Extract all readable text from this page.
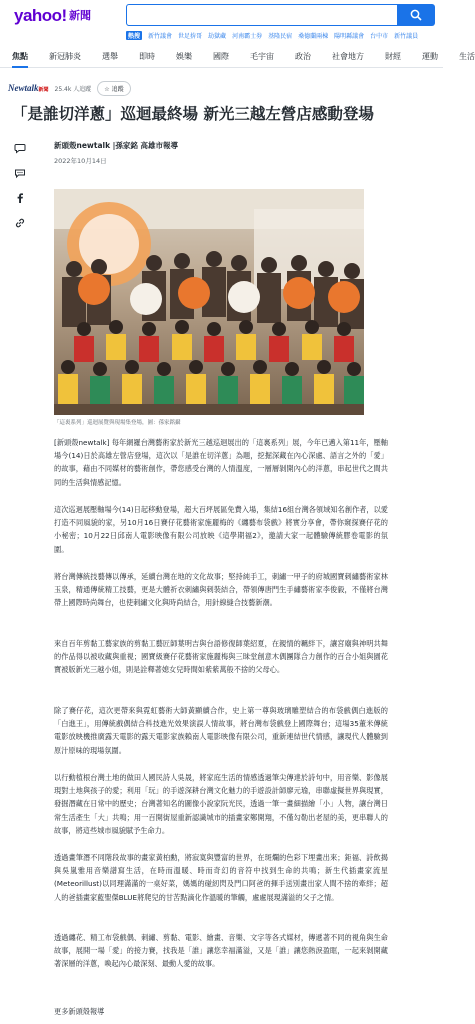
yahoo! 新聞
熱搜	新竹議會 世足拚哥 劫獄藏 河南霸士券 基隆民宿 桑德蘭兩棟 陽明縣議會 台中市 新竹議員
焦點	新冠肺炎	選舉	即時	娛樂	國際	毛宇宙	政治	社會地方	財經	運動	生活
Newtalk新聞 25.4k 人追蹤	☆ 追蹤
「是誰切洋蔥」巡迴最終場 新光三越左營店感動登場
新頭殼newtalk |孫家銘 高雄市報導
2022年10月14日
「這裏系列」巡迴展覽與現場集登場，圖：孫家銘攝

[新頭殼newtalk] 每年網羅台灣藝術家於新光三越巡迴展出的「這裏系列」展，今年已邁入第11年，壓軸場今(14)日於高雄左營店登場，這次以「是誰在切洋蔥」為題，挖掘深藏在內心深處、語言之外的「愛」的故事，藉由不同媒材的藝術創作，帶您感受台灣的人情溫度，一層層剝開內心的洋蔥，串起世代之間共同的生活與情感記憶。

這次巡迴展壓軸場今(14)日起移動登場，超大百坪展區免費入場，集結16組台灣各領域知名創作者，以愛打造不同風貌的家，另10月16日賽仔花藝術家施麗梅的《纏藝布袋戲》將實分享會，帶你窺探賽仔花的小秘密；10月22日邱南人電影映像有限公司放映《這學期福2》，邀請大家一起體驗傳統膠卷電影的氛圍。

將台灣傳統技藝傳以傳承，延續台灣在地的文化故事；堅持純手工，刺繡一甲子的府城國寶刺繡藝術家林玉泉，精通傳統精工技藝，更是大體祈衣刺繡與刺裝結合，帶領傳唐門生手繡藝術家李俊毅，不僅將台灣帶上國際時尚舞台，也使刺繡文化與時尚結合，用針線縫合技藝新潮。

來自百年剪黏工藝家族的剪黏工藝匠師葉明吉與台語修復師葉紹夏，在親情的羈絆下，讓宮廟與神明共舞的作品得以被收藏與重視；國寶級賽仔花藝術家施麗梅與三昧堂創意木偶團隊合力創作的百合小姐與園花寶被版新光三越小姐，則是詮釋著媳女兒時間如紫紫萬般不捨的父母心。

除了賽仔花，這次更帶來與霓虹藝術大師黃顯續合作，史上第一尊與玻璃雕塑結合的布袋戲偶白進版的「白進王」，用傳統戲偶結合科技進光效果演誤人情故事，將台灣布袋戲登上國際舞台；這場35董米傳統電影放映機推廣露天電影的露天電影家族賴南人電影映像有限公司，重新連結世代情感，讓現代人體驗到原汁原味的現場氛圍。

以行動植根台灣土地的做田人國民詩人吳晟，將家庭生活的情感透過筆尖傳達於詩句中，用音樂、影像展現對土地與孩子的愛；利用「玩」的手遊深耕台灣文化魅力的手遊設計師廖元瑜，串聯虛擬世界與現實，發掘潛藏在日常中的歷史；台灣著知名的圖像小說家阮光民，透過一筆一畫細描繪「小」人物，讓台灣日常生活產生「大」共鳴；用一百開街屋重新認識城市的插畫家鄭開翔，不僅勾勒出老屋的美，更串聯人的故事，將這些城市風貌賦予生命力。

透過畫筆潛不同階段故事的畫家黃柏勳，將寂寞與豐富的世界，在斑爛的色彩下埋畫出來；鉅福、詩飲揭與吳嵐雅用音樂譜寫生活，在時而溫暖、時而奇幻的音符中找到生命的共鳴；新生代插畫家流星(Meteorillust)以同理滿滿的一桌好菜，媽媽的碰紉閃及門口阿爸的揮手送別畫出家人間不捨的牽絆；超人的爸插畫家藍聖傑BLUE將爬兒的甘苦點滴化作溫暖的筆觸，處處展現滿溢的父子之情。

透過纏花、精工布袋戲偶、刺繡、剪黏、電影、繪畫、音樂、文字等各式媒材，傳遞著不同的視角與生命故事，展開一場「愛」的接力賽，找我是「誰」讓您幸福滿溢，又是「誰」讓您熱淚盈眶，一起來剝開藏著深層的洋蔥，喚起內心最深刻、最動人愛的故事。

更多新頭殼報導
